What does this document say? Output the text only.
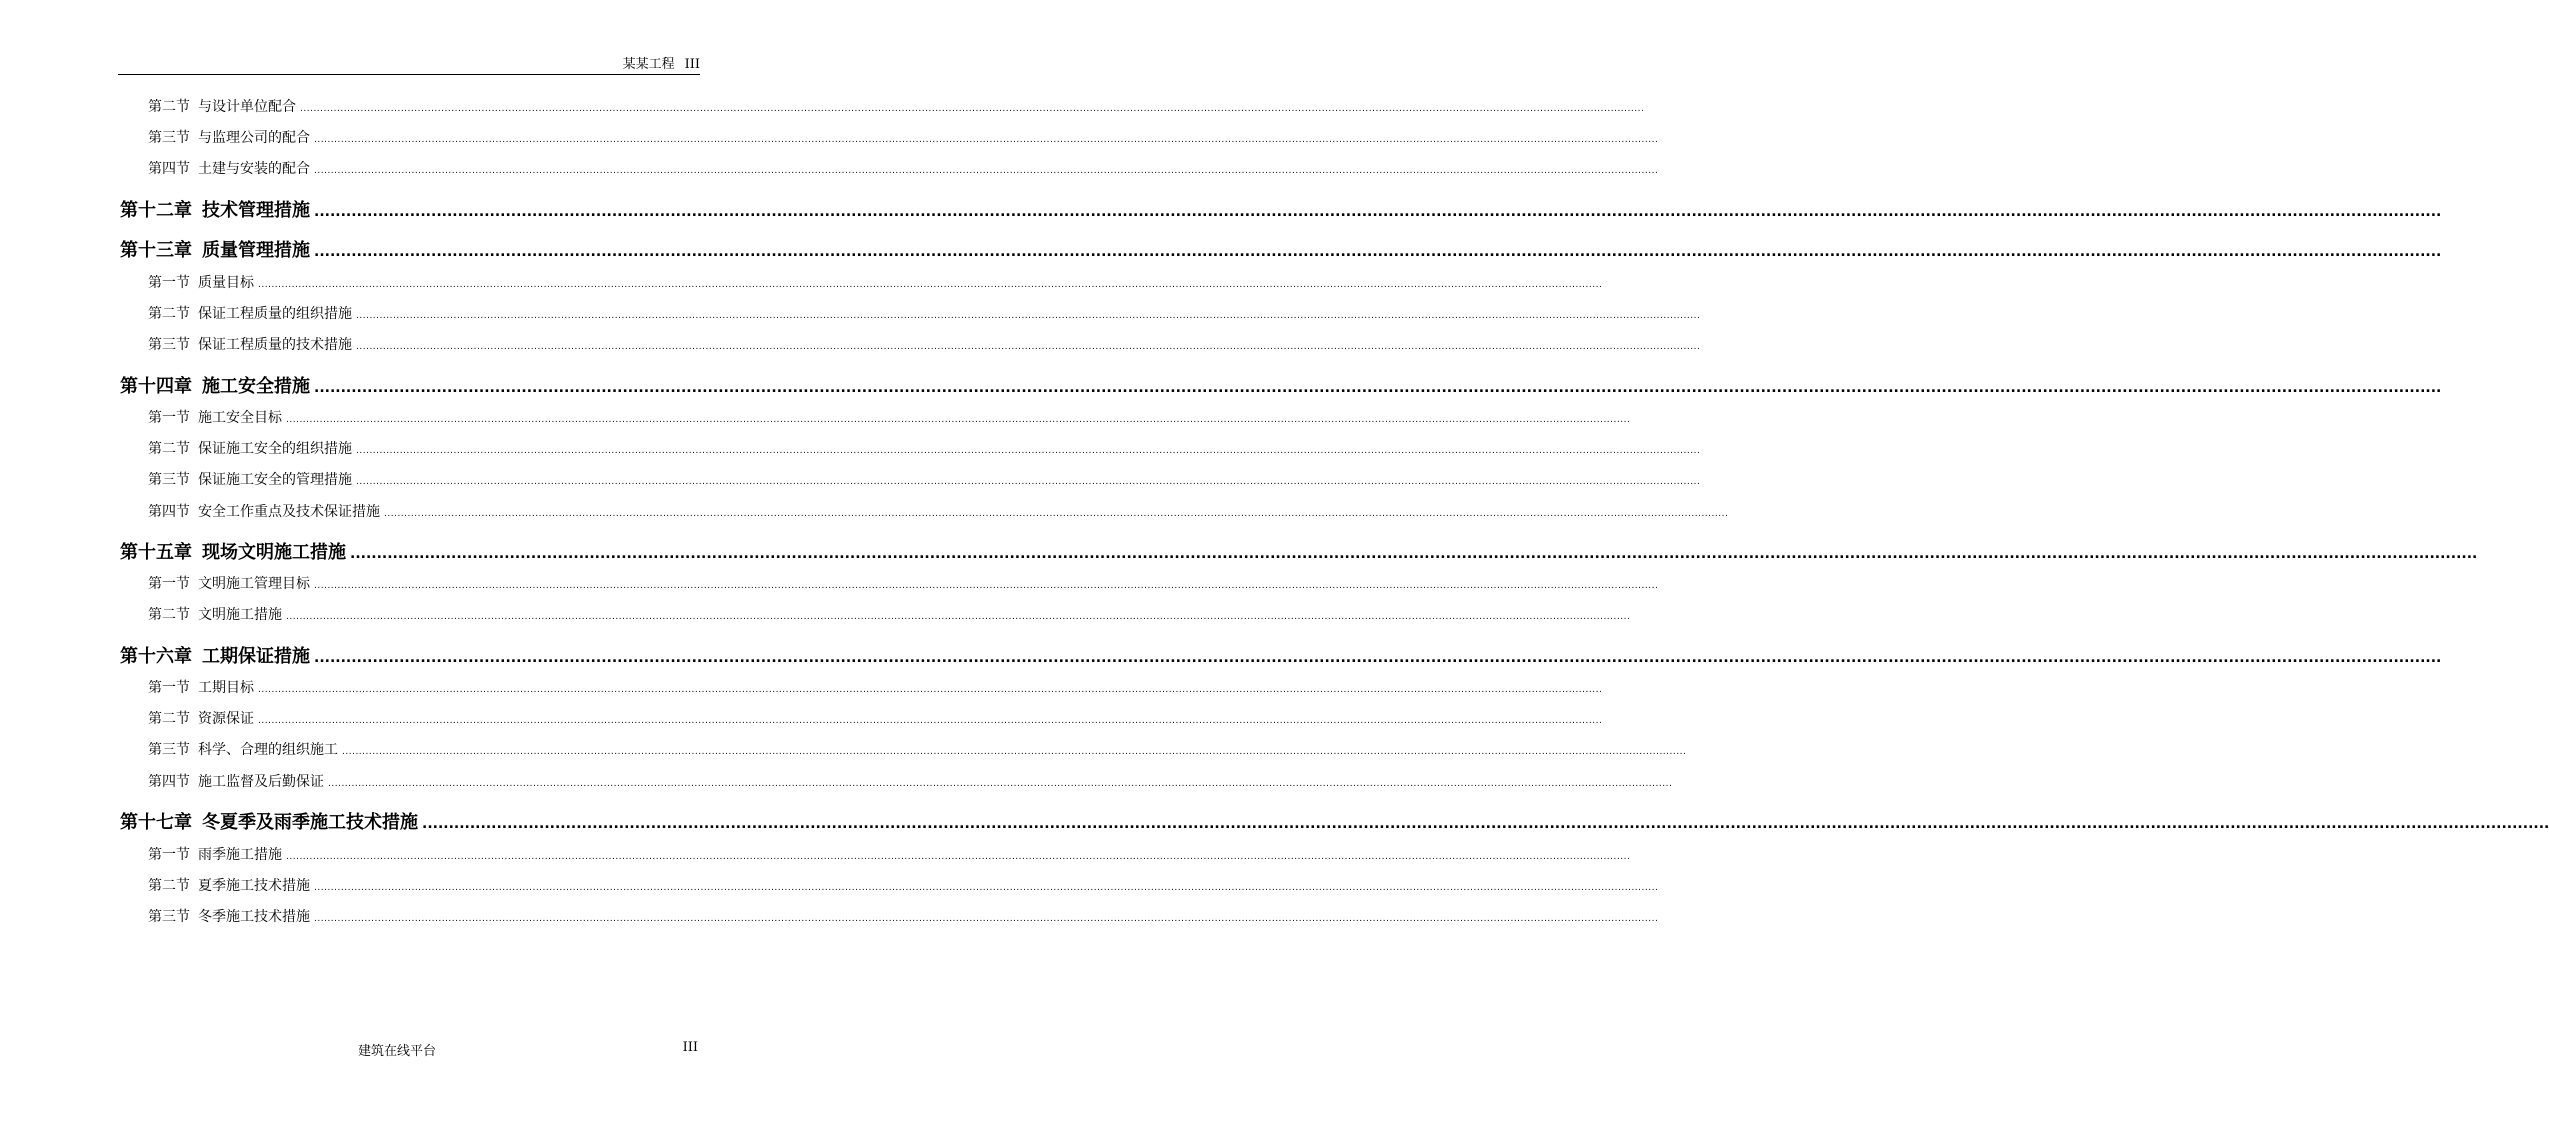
某某工程 III
第二节 与设计单位配合 ................................................................................................................................................................................................................................................................................................................................................................................................................
第三节 与监理公司的配合 ................................................................................................................................................................................................................................................................................................................................................................................................................
第四节 土建与安装的配合 ................................................................................................................................................................................................................................................................................................................................................................................................................
第十二章 技术管理措施 ................................................................................................................................................................................................................................................................................................................................................................................................................
第十三章 质量管理措施 ................................................................................................................................................................................................................................................................................................................................................................................................................
第一节 质量目标 ................................................................................................................................................................................................................................................................................................................................................................................................................
第二节 保证工程质量的组织措施 ................................................................................................................................................................................................................................................................................................................................................................................................................
第三节 保证工程质量的技术措施 ................................................................................................................................................................................................................................................................................................................................................................................................................
第十四章 施工安全措施 ................................................................................................................................................................................................................................................................................................................................................................................................................
第一节 施工安全目标 ................................................................................................................................................................................................................................................................................................................................................................................................................
第二节 保证施工安全的组织措施 ................................................................................................................................................................................................................................................................................................................................................................................................................
第三节 保证施工安全的管理措施 ................................................................................................................................................................................................................................................................................................................................................................................................................
第四节 安全工作重点及技术保证措施 ................................................................................................................................................................................................................................................................................................................................................................................................................
第十五章 现场文明施工措施 ................................................................................................................................................................................................................................................................................................................................................................................................................
第一节 文明施工管理目标 ................................................................................................................................................................................................................................................................................................................................................................................................................
第二节 文明施工措施 ................................................................................................................................................................................................................................................................................................................................................................................................................
第十六章 工期保证措施 ................................................................................................................................................................................................................................................................................................................................................................................................................
第一节 工期目标 ................................................................................................................................................................................................................................................................................................................................................................................................................
第二节 资源保证 ................................................................................................................................................................................................................................................................................................................................................................................................................
第三节 科学、合理的组织施工 ................................................................................................................................................................................................................................................................................................................................................................................................................
第四节 施工监督及后勤保证 ................................................................................................................................................................................................................................................................................................................................................................................................................
第十七章 冬夏季及雨季施工技术措施 ................................................................................................................................................................................................................................................................................................................................................................................................................
第一节 雨季施工措施 ................................................................................................................................................................................................................................................................................................................................................................................................................
第二节 夏季施工技术措施 ................................................................................................................................................................................................................................................................................................................................................................................................................
第三节 冬季施工技术措施 ................................................................................................................................................................................................................................................................................................................................................................................................................
建筑在线平台	III
